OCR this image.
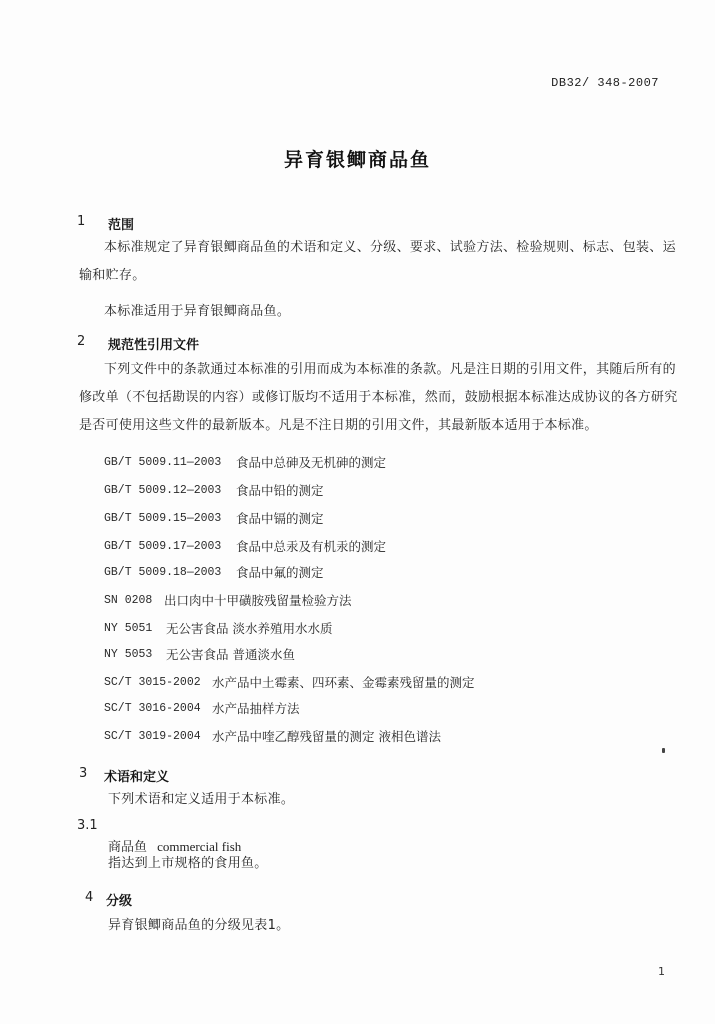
DB32/ 348-2007
异育银鲫商品鱼
1 范围
本标准规定了异育银鲫商品鱼的术语和定义、分级、要求、试验方法、检验规则、标志、包装、运
输和贮存。
本标准适用于异育银鲫商品鱼。
2 规范性引用文件
下列文件中的条款通过本标准的引用而成为本标准的条款。凡是注日期的引用文件，其随后所有的
修改单（不包括勘误的内容）或修订版均不适用于本标准，然而，鼓励根据本标准达成协议的各方研究
是否可使用这些文件的最新版本。凡是不注日期的引用文件，其最新版本适用于本标准。
GB/T 5009.11—2003 食品中总砷及无机砷的测定
GB/T 5009.12—2003 食品中铅的测定
GB/T 5009.15—2003 食品中镉的测定
GB/T 5009.17—2003 食品中总汞及有机汞的测定
GB/T 5009.18—2003 食品中氟的测定
SN 0208 出口肉中十甲磺胺残留量检验方法
NY 5051 无公害食品 淡水养殖用水水质
NY 5053 无公害食品 普通淡水鱼
SC/T 3015-2002 水产品中土霉素、四环素、金霉素残留量的测定
SC/T 3016-2004 水产品抽样方法
SC/T 3019-2004 水产品中喹乙醇残留量的测定 液相色谱法
3 术语和定义
下列术语和定义适用于本标准。
3.1
商品鱼 commercial fish
指达到上市规格的食用鱼。
4 分级
异育银鲫商品鱼的分级见表1。
1
